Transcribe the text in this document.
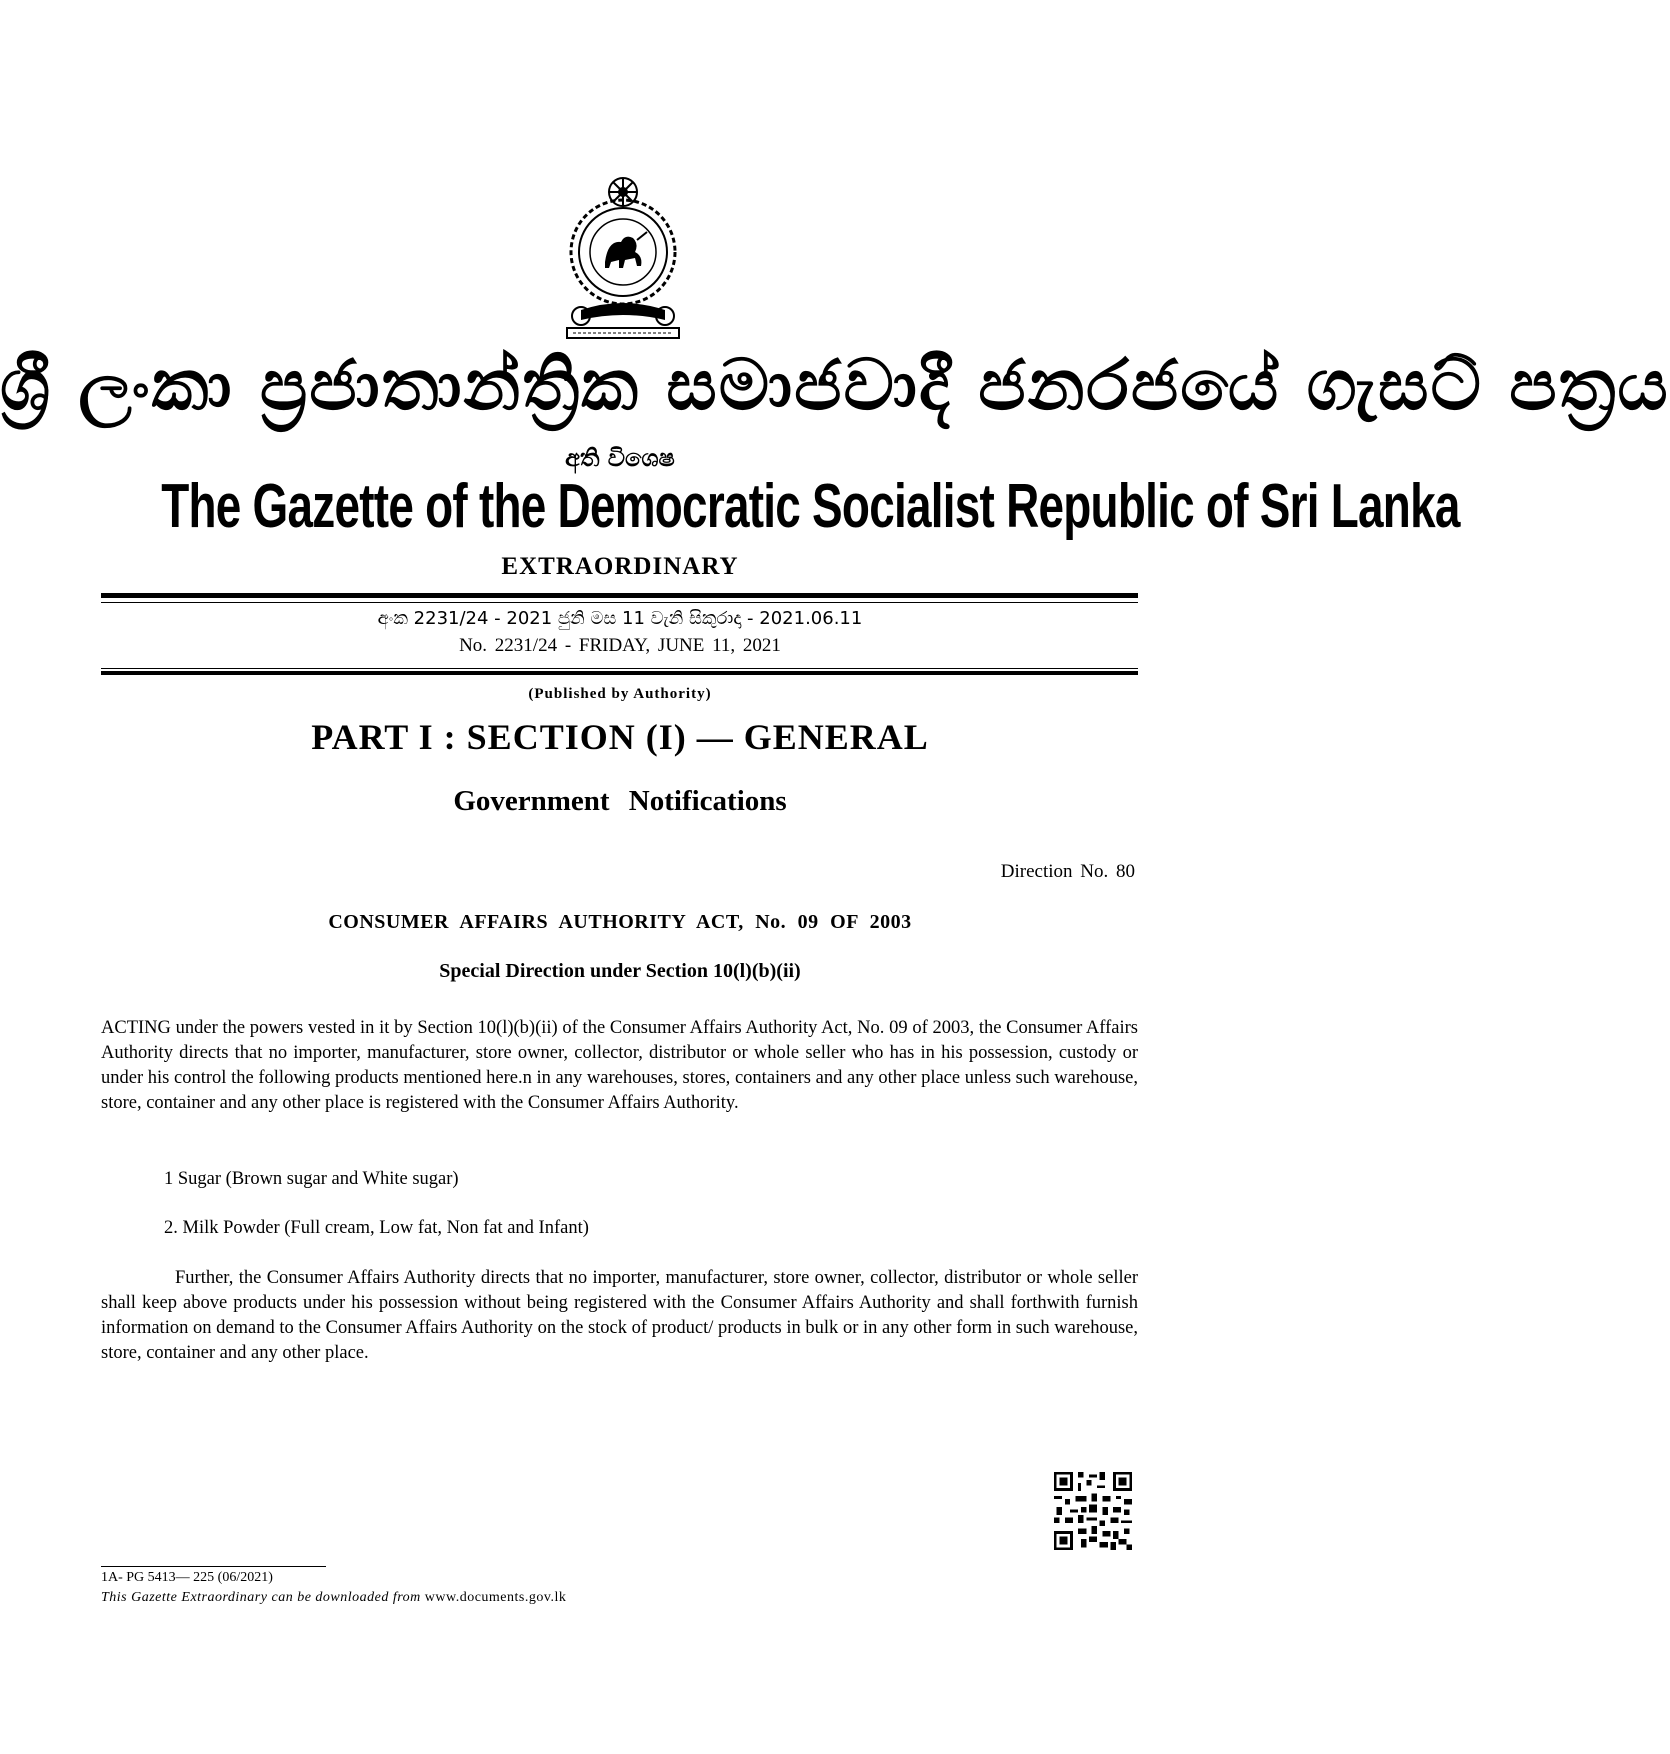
ශ්‍රී ලංකා ප්‍රජාතාන්ත්‍රික සමාජවාදී ජනරජයේ ගැසට් පත්‍රය
අති විශෙෂ
The Gazette of the Democratic Socialist Republic of Sri Lanka
EXTRAORDINARY
අංක 2231/24 - 2021 ජුනි මස 11 වැනි සිකුරාදා - 2021.06.11
No. 2231/24 - FRIDAY, JUNE 11, 2021
(Published by Authority)
PART I : SECTION (I) — GENERAL
Government Notifications
Direction No. 80
CONSUMER AFFAIRS AUTHORITY ACT, No. 09 OF 2003
Special Direction under Section 10(l)(b)(ii)
ACTING under the powers vested in it by Section 10(l)(b)(ii) of the Consumer Affairs Authority Act, No. 09 of 2003, the Consumer Affairs Authority directs that no importer, manufacturer, store owner, collector, distributor or whole seller who has in his possession, custody or under his control the following products mentioned here.n in any warehouses, stores, containers and any other place unless such warehouse, store, container and any other place is registered with the Consumer Affairs Authority.
1 Sugar (Brown sugar and White sugar)
2. Milk Powder (Full cream, Low fat, Non fat and Infant)
Further, the Consumer Affairs Authority directs that no importer, manufacturer, store owner, collector, distributor or whole seller shall keep above products under his possession without being registered with the Consumer Affairs Authority and shall forthwith furnish information on demand to the Consumer Affairs Authority on the stock of product/ products in bulk or in any other form in such warehouse, store, container and any other place.
1A- PG 5413— 225 (06/2021)
This Gazette Extraordinary can be downloaded from www.documents.gov.lk
